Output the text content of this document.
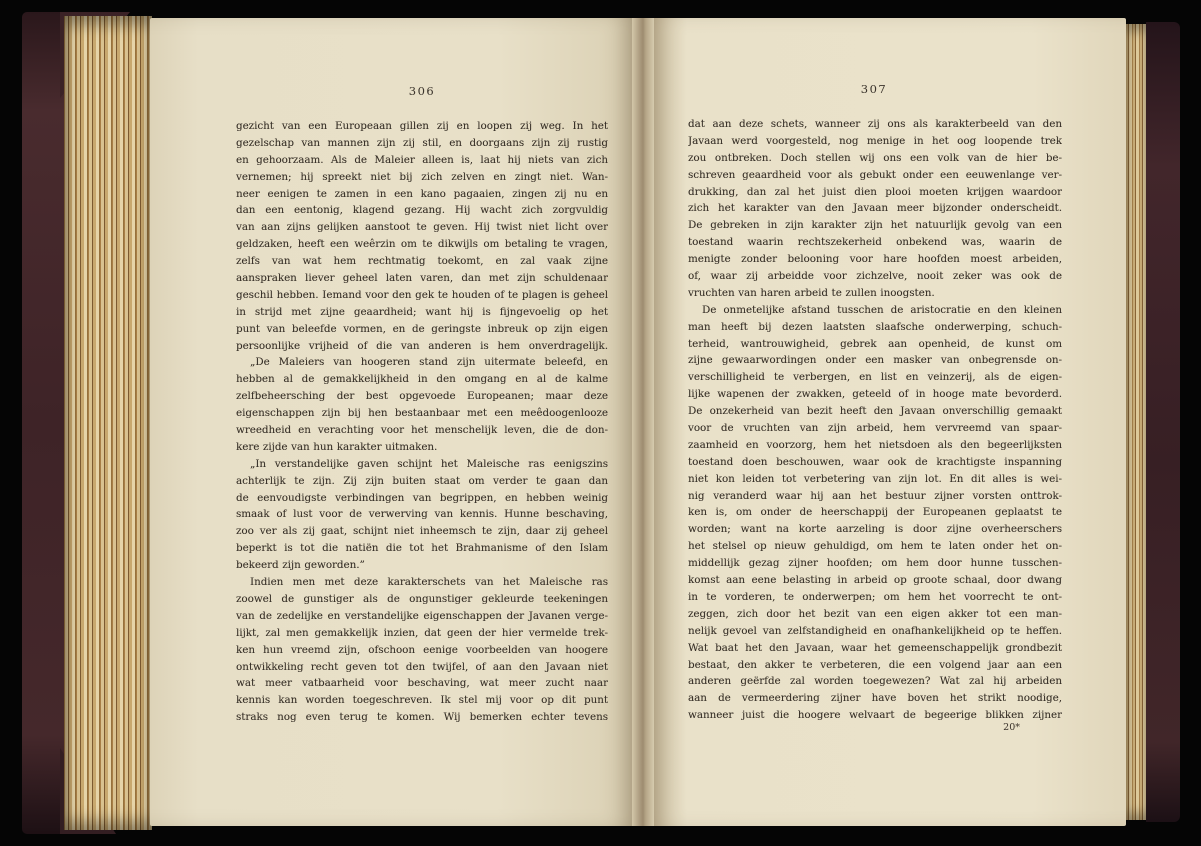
306
gezicht van een Europeaan gillen zij en loopen zij weg. In het
gezelschap van mannen zijn zij stil, en doorgaans zijn zij rustig
en gehoorzaam. Als de Maleier alleen is, laat hij niets van zich
vernemen; hij spreekt niet bij zich zelven en zingt niet. Wan-
neer eenigen te zamen in een kano pagaaien, zingen zij nu en
dan een eentonig, klagend gezang. Hij wacht zich zorgvuldig
van aan zijns gelijken aanstoot te geven. Hij twist niet licht over
geldzaken, heeft een weêrzin om te dikwijls om betaling te vragen,
zelfs van wat hem rechtmatig toekomt, en zal vaak zijne
aanspraken liever geheel laten varen, dan met zijn schuldenaar
geschil hebben. Iemand voor den gek te houden of te plagen is geheel
in strijd met zijne geaardheid; want hij is fijngevoelig op het
punt van beleefde vormen, en de geringste inbreuk op zijn eigen
persoonlijke vrijheid of die van anderen is hem onverdragelijk.
„De Maleiers van hoogeren stand zijn uitermate beleefd, en
hebben al de gemakkelijkheid in den omgang en al de kalme
zelfbeheersching der best opgevoede Europeanen; maar deze
eigenschappen zijn bij hen bestaanbaar met een meêdoogenlooze
wreedheid en verachting voor het menschelijk leven, die de don-
kere zijde van hun karakter uitmaken.
„In verstandelijke gaven schijnt het Maleische ras eenigszins
achterlijk te zijn. Zij zijn buiten staat om verder te gaan dan
de eenvoudigste verbindingen van begrippen, en hebben weinig
smaak of lust voor de verwerving van kennis. Hunne beschaving,
zoo ver als zij gaat, schijnt niet inheemsch te zijn, daar zij geheel
beperkt is tot die natiën die tot het Brahmanisme of den Islam
bekeerd zijn geworden.”
Indien men met deze karakterschets van het Maleische ras
zoowel de gunstiger als de ongunstiger gekleurde teekeningen
van de zedelijke en verstandelijke eigenschappen der Javanen verge-
lijkt, zal men gemakkelijk inzien, dat geen der hier vermelde trek-
ken hun vreemd zijn, ofschoon eenige voorbeelden van hoogere
ontwikkeling recht geven tot den twijfel, of aan den Javaan niet
wat meer vatbaarheid voor beschaving, wat meer zucht naar
kennis kan worden toegeschreven. Ik stel mij voor op dit punt
straks nog even terug te komen. Wij bemerken echter tevens
307
dat aan deze schets, wanneer zij ons als karakterbeeld van den
Javaan werd voorgesteld, nog menige in het oog loopende trek
zou ontbreken. Doch stellen wij ons een volk van de hier be-
schreven geaardheid voor als gebukt onder een eeuwenlange ver-
drukking, dan zal het juist dien plooi moeten krijgen waardoor
zich het karakter van den Javaan meer bijzonder onderscheidt.
De gebreken in zijn karakter zijn het natuurlijk gevolg van een
toestand waarin rechtszekerheid onbekend was, waarin de
menigte zonder belooning voor hare hoofden moest arbeiden,
of, waar zij arbeidde voor zichzelve, nooit zeker was ook de
vruchten van haren arbeid te zullen inoogsten.
De onmetelijke afstand tusschen de aristocratie en den kleinen
man heeft bij dezen laatsten slaafsche onderwerping, schuch-
terheid, wantrouwigheid, gebrek aan openheid, de kunst om
zijne gewaarwordingen onder een masker van onbegrensde on-
verschilligheid te verbergen, en list en veinzerij, als de eigen-
lijke wapenen der zwakken, geteeld of in hooge mate bevorderd.
De onzekerheid van bezit heeft den Javaan onverschillig gemaakt
voor de vruchten van zijn arbeid, hem vervreemd van spaar-
zaamheid en voorzorg, hem het nietsdoen als den begeerlijksten
toestand doen beschouwen, waar ook de krachtigste inspanning
niet kon leiden tot verbetering van zijn lot. En dit alles is wei-
nig veranderd waar hij aan het bestuur zijner vorsten onttrok-
ken is, om onder de heerschappij der Europeanen geplaatst te
worden; want na korte aarzeling is door zijne overheerschers
het stelsel op nieuw gehuldigd, om hem te laten onder het on-
middellijk gezag zijner hoofden; om hem door hunne tusschen-
komst aan eene belasting in arbeid op groote schaal, door dwang
in te vorderen, te onderwerpen; om hem het voorrecht te ont-
zeggen, zich door het bezit van een eigen akker tot een man-
nelijk gevoel van zelfstandigheid en onafhankelijkheid op te heffen.
Wat baat het den Javaan, waar het gemeenschappelijk grondbezit
bestaat, den akker te verbeteren, die een volgend jaar aan een
anderen geërfde zal worden toegewezen? Wat zal hij arbeiden
aan de vermeerdering zijner have boven het strikt noodige,
wanneer juist die hoogere welvaart de begeerige blikken zijner
20*
